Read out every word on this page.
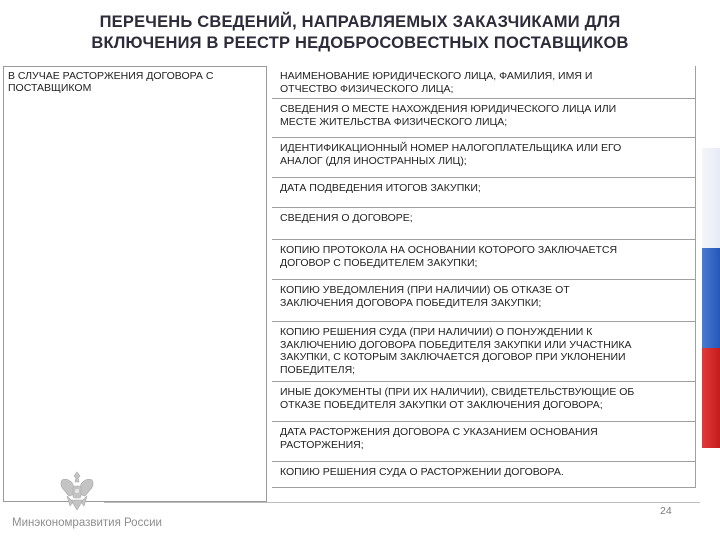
ПЕРЕЧЕНЬ СВЕДЕНИЙ, НАПРАВЛЯЕМЫХ ЗАКАЗЧИКАМИ ДЛЯ
ВКЛЮЧЕНИЯ В РЕЕСТР НЕДОБРОСОВЕСТНЫХ ПОСТАВЩИКОВ
В СЛУЧАЕ РАСТОРЖЕНИЯ ДОГОВОРА С
ПОСТАВЩИКОМ
НАИМЕНОВАНИЕ ЮРИДИЧЕСКОГО ЛИЦА, ФАМИЛИЯ, ИМЯ И
ОТЧЕСТВО ФИЗИЧЕСКОГО ЛИЦА;
СВЕДЕНИЯ О МЕСТЕ НАХОЖДЕНИЯ ЮРИДИЧЕСКОГО ЛИЦА ИЛИ
МЕСТЕ ЖИТЕЛЬСТВА ФИЗИЧЕСКОГО ЛИЦА;
ИДЕНТИФИКАЦИОННЫЙ НОМЕР НАЛОГОПЛАТЕЛЬЩИКА ИЛИ ЕГО
АНАЛОГ (ДЛЯ ИНОСТРАННЫХ ЛИЦ);
ДАТА ПОДВЕДЕНИЯ ИТОГОВ ЗАКУПКИ;
СВЕДЕНИЯ О ДОГОВОРЕ;
КОПИЮ ПРОТОКОЛА НА ОСНОВАНИИ КОТОРОГО ЗАКЛЮЧАЕТСЯ
ДОГОВОР С ПОБЕДИТЕЛЕМ ЗАКУПКИ;
КОПИЮ УВЕДОМЛЕНИЯ (ПРИ НАЛИЧИИ) ОБ ОТКАЗЕ ОТ
ЗАКЛЮЧЕНИЯ ДОГОВОРА ПОБЕДИТЕЛЯ ЗАКУПКИ;
КОПИЮ РЕШЕНИЯ СУДА (ПРИ НАЛИЧИИ) О ПОНУЖДЕНИИ К
ЗАКЛЮЧЕНИЮ ДОГОВОРА ПОБЕДИТЕЛЯ ЗАКУПКИ ИЛИ УЧАСТНИКА
ЗАКУПКИ, С КОТОРЫМ ЗАКЛЮЧАЕТСЯ ДОГОВОР ПРИ УКЛОНЕНИИ
ПОБЕДИТЕЛЯ;
ИНЫЕ ДОКУМЕНТЫ (ПРИ ИХ НАЛИЧИИ), СВИДЕТЕЛЬСТВУЮЩИЕ ОБ
ОТКАЗЕ ПОБЕДИТЕЛЯ ЗАКУПКИ ОТ ЗАКЛЮЧЕНИЯ ДОГОВОРА;
ДАТА РАСТОРЖЕНИЯ ДОГОВОРА С УКАЗАНИЕМ ОСНОВАНИЯ
РАСТОРЖЕНИЯ;
КОПИЮ РЕШЕНИЯ СУДА О РАСТОРЖЕНИИ ДОГОВОРА.
Минэкономразвития России
24
